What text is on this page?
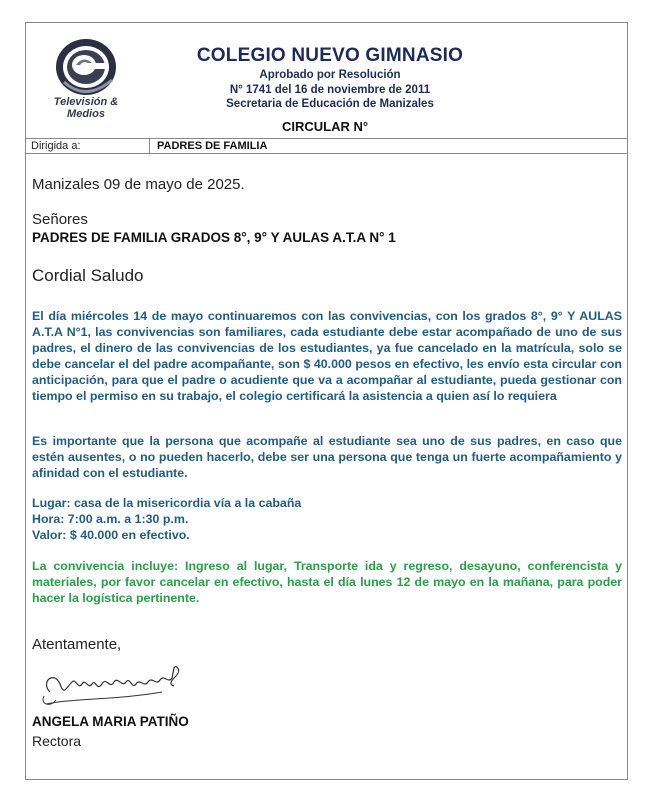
Televisión &
Medios
COLEGIO NUEVO GIMNASIO
Aprobado por Resolución
N° 1741 del 16 de noviembre de 2011
Secretaria de Educación de Manizales
CIRCULAR N°
Dirigida a:	PADRES DE FAMILIA
Manizales 09 de mayo de 2025.
Señores
PADRES DE FAMILIA GRADOS 8°, 9° Y AULAS A.T.A N° 1
Cordial Saludo
El día miércoles 14 de mayo continuaremos con las convivencias, con los grados 8°, 9° Y AULAS A.T.A N°1, las convivencias son familiares, cada estudiante debe estar acompañado de uno de sus padres, el dinero de las convivencias de los estudiantes, ya fue cancelado en la matrícula, solo se debe cancelar el del padre acompañante, son $ 40.000 pesos en efectivo, les envío esta circular con anticipación, para que el padre o acudiente que va a acompañar al estudiante, pueda gestionar con tiempo el permiso en su trabajo, el colegio certificará la asistencia a quien así lo requiera
Es importante que la persona que acompañe al estudiante sea uno de sus padres, en caso que estén ausentes, o no pueden hacerlo, debe ser una persona que tenga un fuerte acompañamiento y afinidad con el estudiante.
Lugar: casa de la misericordia vía a la cabaña
Hora: 7:00 a.m. a 1:30 p.m.
Valor: $ 40.000 en efectivo.
La convivencia incluye: Ingreso al lugar, Transporte ida y regreso, desayuno, conferencista y materiales, por favor cancelar en efectivo, hasta el día lunes 12 de mayo en la mañana, para poder hacer la logística pertinente.
Atentamente,
ANGELA MARIA PATIÑO
Rectora
